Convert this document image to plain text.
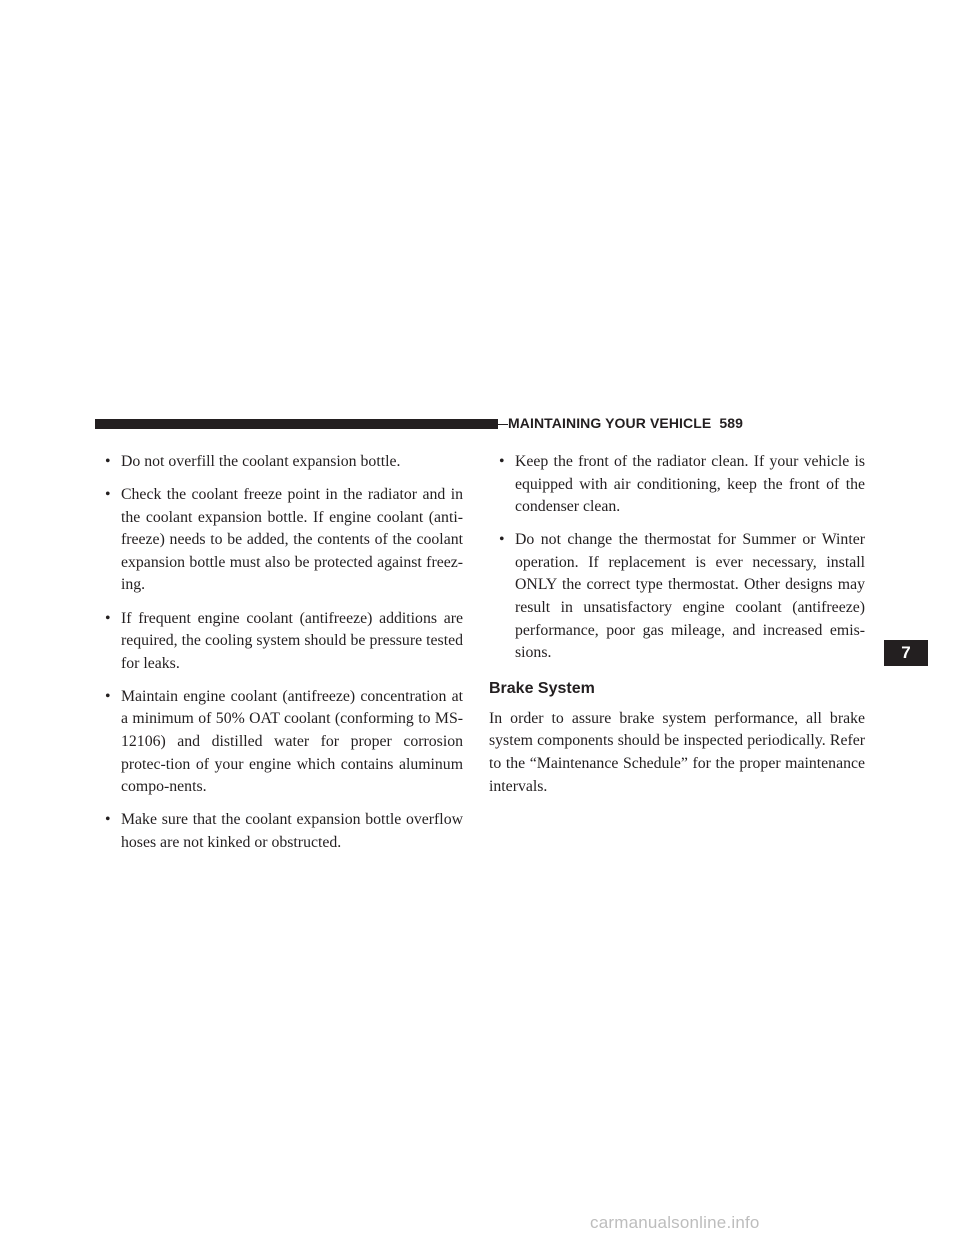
MAINTAINING YOUR VEHICLE 589
• Do not overfill the coolant expansion bottle.
• Check the coolant freeze point in the radiator and in the coolant expansion bottle. If engine coolant (anti-freeze) needs to be added, the contents of the coolant expansion bottle must also be protected against freez-ing.
• If frequent engine coolant (antifreeze) additions are required, the cooling system should be pressure tested for leaks.
• Maintain engine coolant (antifreeze) concentration at a minimum of 50% OAT coolant (conforming to MS-12106) and distilled water for proper corrosion protec-tion of your engine which contains aluminum compo-nents.
• Make sure that the coolant expansion bottle overflow hoses are not kinked or obstructed.
• Keep the front of the radiator clean. If your vehicle is equipped with air conditioning, keep the front of the condenser clean.
• Do not change the thermostat for Summer or Winter operation. If replacement is ever necessary, install ONLY the correct type thermostat. Other designs may result in unsatisfactory engine coolant (antifreeze) performance, poor gas mileage, and increased emis-sions.
Brake System

In order to assure brake system performance, all brake system components should be inspected periodically. Refer to the “Maintenance Schedule” for the proper maintenance intervals.

7
carmanualsonline.info
